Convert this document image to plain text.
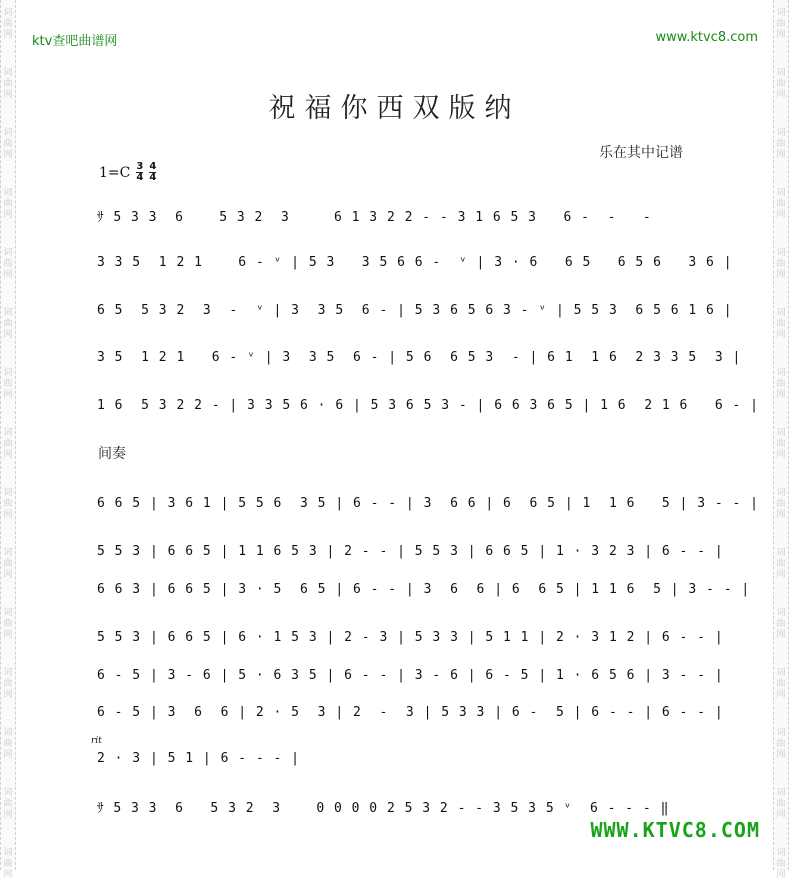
词
曲
网
词
曲
网
词
曲
网
词
曲
网
词
曲
网
词
曲
网
词
曲
网
词
曲
网
词
曲
网
词
曲
网
词
曲
网
词
曲
网
词
曲
网
词
曲
网
词
曲
网
词
曲
网
词
曲
网
词
曲
网
词
曲
网
词
曲
网
词
曲
网
词
曲
网
词
曲
网
词
曲
网
词
曲
网
词
曲
网
词
曲
网
词
曲
网
词
曲
网
词
曲
网
ktv查吧曲谱网	www.ktvc8.com
祝福你西双版纳
乐在其中记谱
$1=C \frac{3}{4} \frac{4}{4}$
ｻ 5 3 3  6    5 3 2  3     6 1 3 2 2 - - 3 1 6 5 3   6 -  -   -
3 3 5  1 2 1    6 - ᵛ | 5 3   3 5 6 6 -  ᵛ | 3 · 6   6 5   6 5 6   3 6 |
6 5  5 3 2  3  -  ᵛ | 3  3 5  6 - | 5 3 6 5 6 3 - ᵛ | 5 5 3  6 5 6 1 6 |
3 5  1 2 1   6 - ᵛ | 3  3 5  6 - | 5 6  6 5 3  - | 6 1  1 6  2 3 3 5  3 |
1 6  5 3 2 2 - | 3 3 5 6 · 6 | 5 3 6 5 3 - | 6 6 3 6 5 | 1 6  2 1 6   6 - |
间奏
6 6 5 | 3 6 1 | 5 5 6  3 5 | 6 - - | 3  6 6 | 6  6 5 | 1  1 6   5 | 3 - - |
5 5 3 | 6 6 5 | 1 1 6 5 3 | 2 - - | 5 5 3 | 6 6 5 | 1 · 3 2 3 | 6 - - |
6 6 3 | 6 6 5 | 3 · 5  6 5 | 6 - - | 3  6  6 | 6  6 5 | 1 1 6  5 | 3 - - |
5 5 3 | 6 6 5 | 6 · 1 5 3 | 2 - 3 | 5 3 3 | 5 1 1 | 2 · 3 1 2 | 6 - - |
6 - 5 | 3 - 6 | 5 · 6 3 5 | 6 - - | 3 - 6 | 6 - 5 | 1 · 6 5 6 | 3 - - |
6 - 5 | 3  6  6 | 2 · 5  3 | 2  -  3 | 5 3 3 | 6 -  5 | 6 - - | 6 - - |
rit
2 · 3 | 5 1 | 6 - - - |
ｻ 5 3 3  6   5 3 2  3    0 0 0 0 2 5 3 2 - - 3 5 3 5 ᵛ  6 - - - ‖
WWW.KTVC8.COM
